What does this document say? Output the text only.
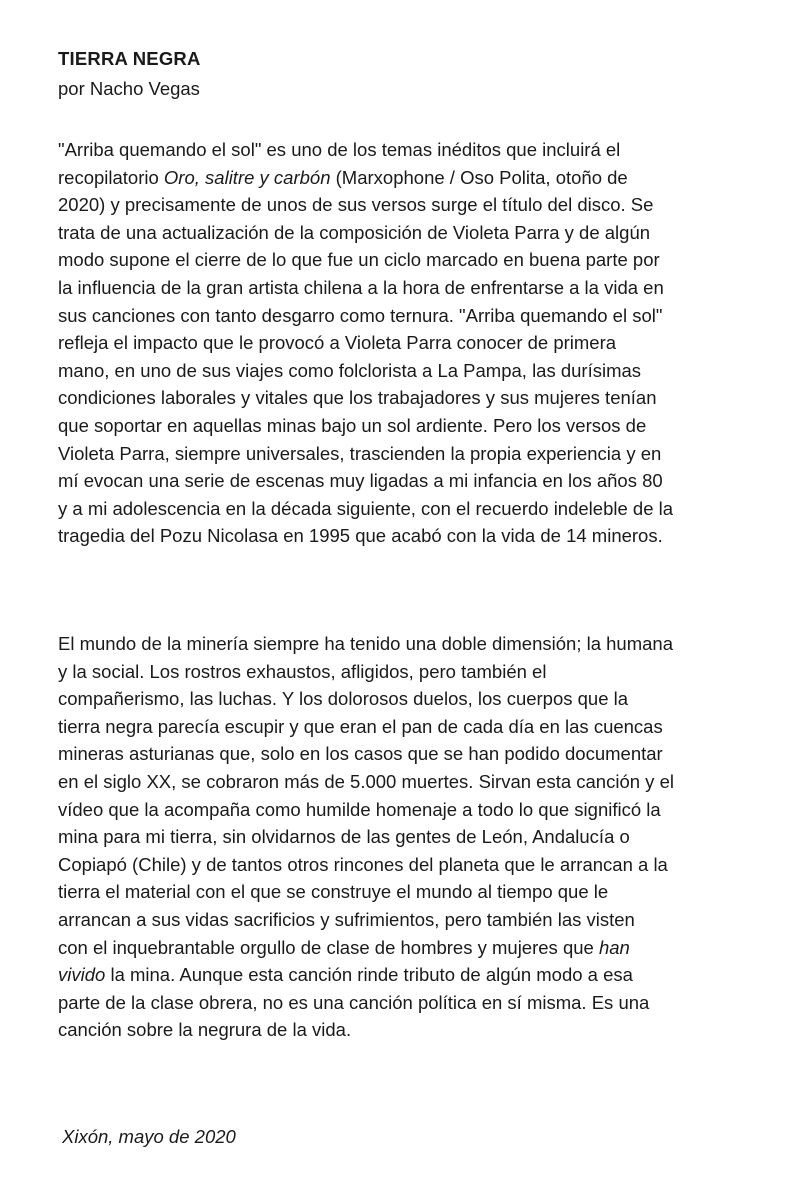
TIERRA NEGRA
por Nacho Vegas
"Arriba quemando el sol" es uno de los temas inéditos que incluirá el
recopilatorio Oro, salitre y carbón (Marxophone / Oso Polita, otoño de
2020) y precisamente de unos de sus versos surge el título del disco. Se
trata de una actualización de la composición de Violeta Parra y de algún
modo supone el cierre de lo que fue un ciclo marcado en buena parte por
la influencia de la gran artista chilena a la hora de enfrentarse a la vida en
sus canciones con tanto desgarro como ternura. "Arriba quemando el sol"
refleja el impacto que le provocó a Violeta Parra conocer de primera
mano, en uno de sus viajes como folclorista a La Pampa, las durísimas
condiciones laborales y vitales que los trabajadores y sus mujeres tenían
que soportar en aquellas minas bajo un sol ardiente. Pero los versos de
Violeta Parra, siempre universales, trascienden la propia experiencia y en
mí evocan una serie de escenas muy ligadas a mi infancia en los años 80
y a mi adolescencia en la década siguiente, con el recuerdo indeleble de la
tragedia del Pozu Nicolasa en 1995 que acabó con la vida de 14 mineros.
El mundo de la minería siempre ha tenido una doble dimensión; la humana
y la social. Los rostros exhaustos, afligidos, pero también el
compañerismo, las luchas. Y los dolorosos duelos, los cuerpos que la
tierra negra parecía escupir y que eran el pan de cada día en las cuencas
mineras asturianas que, solo en los casos que se han podido documentar
en el siglo XX, se cobraron más de 5.000 muertes. Sirvan esta canción y el
vídeo que la acompaña como humilde homenaje a todo lo que significó la
mina para mi tierra, sin olvidarnos de las gentes de León, Andalucía o
Copiapó (Chile) y de tantos otros rincones del planeta que le arrancan a la
tierra el material con el que se construye el mundo al tiempo que le
arrancan a sus vidas sacrificios y sufrimientos, pero también las visten
con el inquebrantable orgullo de clase de hombres y mujeres que han
vivido la mina. Aunque esta canción rinde tributo de algún modo a esa
parte de la clase obrera, no es una canción política en sí misma. Es una
canción sobre la negrura de la vida.
Xixón, mayo de 2020
